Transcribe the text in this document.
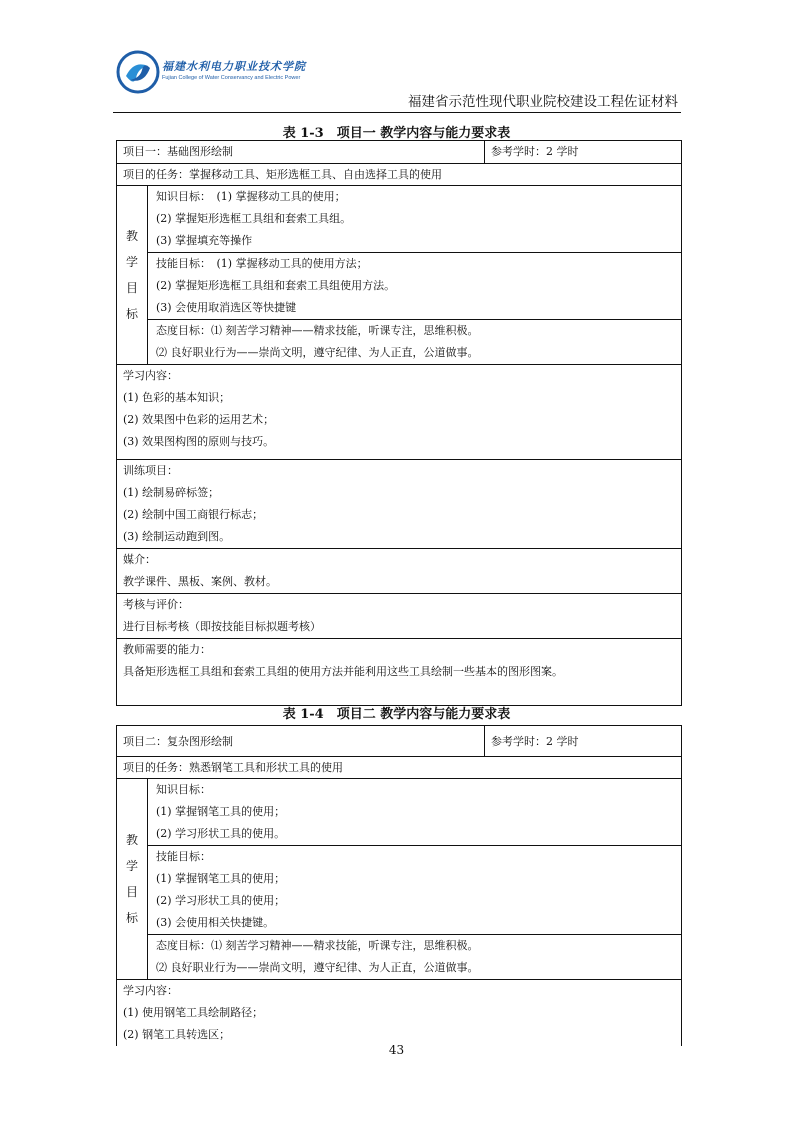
福建水利电力职业技术学院
Fujian College of Water Conservancy and Electric Power
福建省示范性现代职业院校建设工程佐证材料
表 1-3　项目一 教学内容与能力要求表
项目一：基础图形绘制	参考学时：2 学时
项目的任务：掌握移动工具、矩形选框工具、自由选择工具的使用
教
学
目
标
知识目标：　(1) 掌握移动工具的使用；
(2) 掌握矩形选框工具组和套索工具组。
(3) 掌握填充等操作
技能目标：　(1) 掌握移动工具的使用方法；
(2) 掌握矩形选框工具组和套索工具组使用方法。
(3) 会使用取消选区等快捷键
态度目标：⑴ 刻苦学习精神——精求技能，听课专注，思维积极。
⑵ 良好职业行为——崇尚文明，遵守纪律、为人正直，公道做事。
学习内容：
(1) 色彩的基本知识；
(2) 效果图中色彩的运用艺术；
(3) 效果图构图的原则与技巧。
训练项目：
(1) 绘制易碎标签；
(2) 绘制中国工商银行标志；
(3) 绘制运动跑到图。
媒介：
教学课件、黑板、案例、教材。
考核与评价：
进行目标考核（即按技能目标拟题考核）
教师需要的能力：
具备矩形选框工具组和套索工具组的使用方法并能利用这些工具绘制一些基本的图形图案。
表 1-4　项目二 教学内容与能力要求表
项目二：复杂图形绘制	参考学时：2 学时
项目的任务：熟悉钢笔工具和形状工具的使用
教
学
目
标
知识目标：
(1) 掌握钢笔工具的使用；
(2) 学习形状工具的使用。
技能目标：
(1) 掌握钢笔工具的使用；
(2) 学习形状工具的使用；
(3) 会使用相关快捷键。
态度目标：⑴ 刻苦学习精神——精求技能，听课专注，思维积极。
⑵ 良好职业行为——崇尚文明，遵守纪律、为人正直，公道做事。
学习内容：
(1) 使用钢笔工具绘制路径；
(2) 钢笔工具转选区；
43
